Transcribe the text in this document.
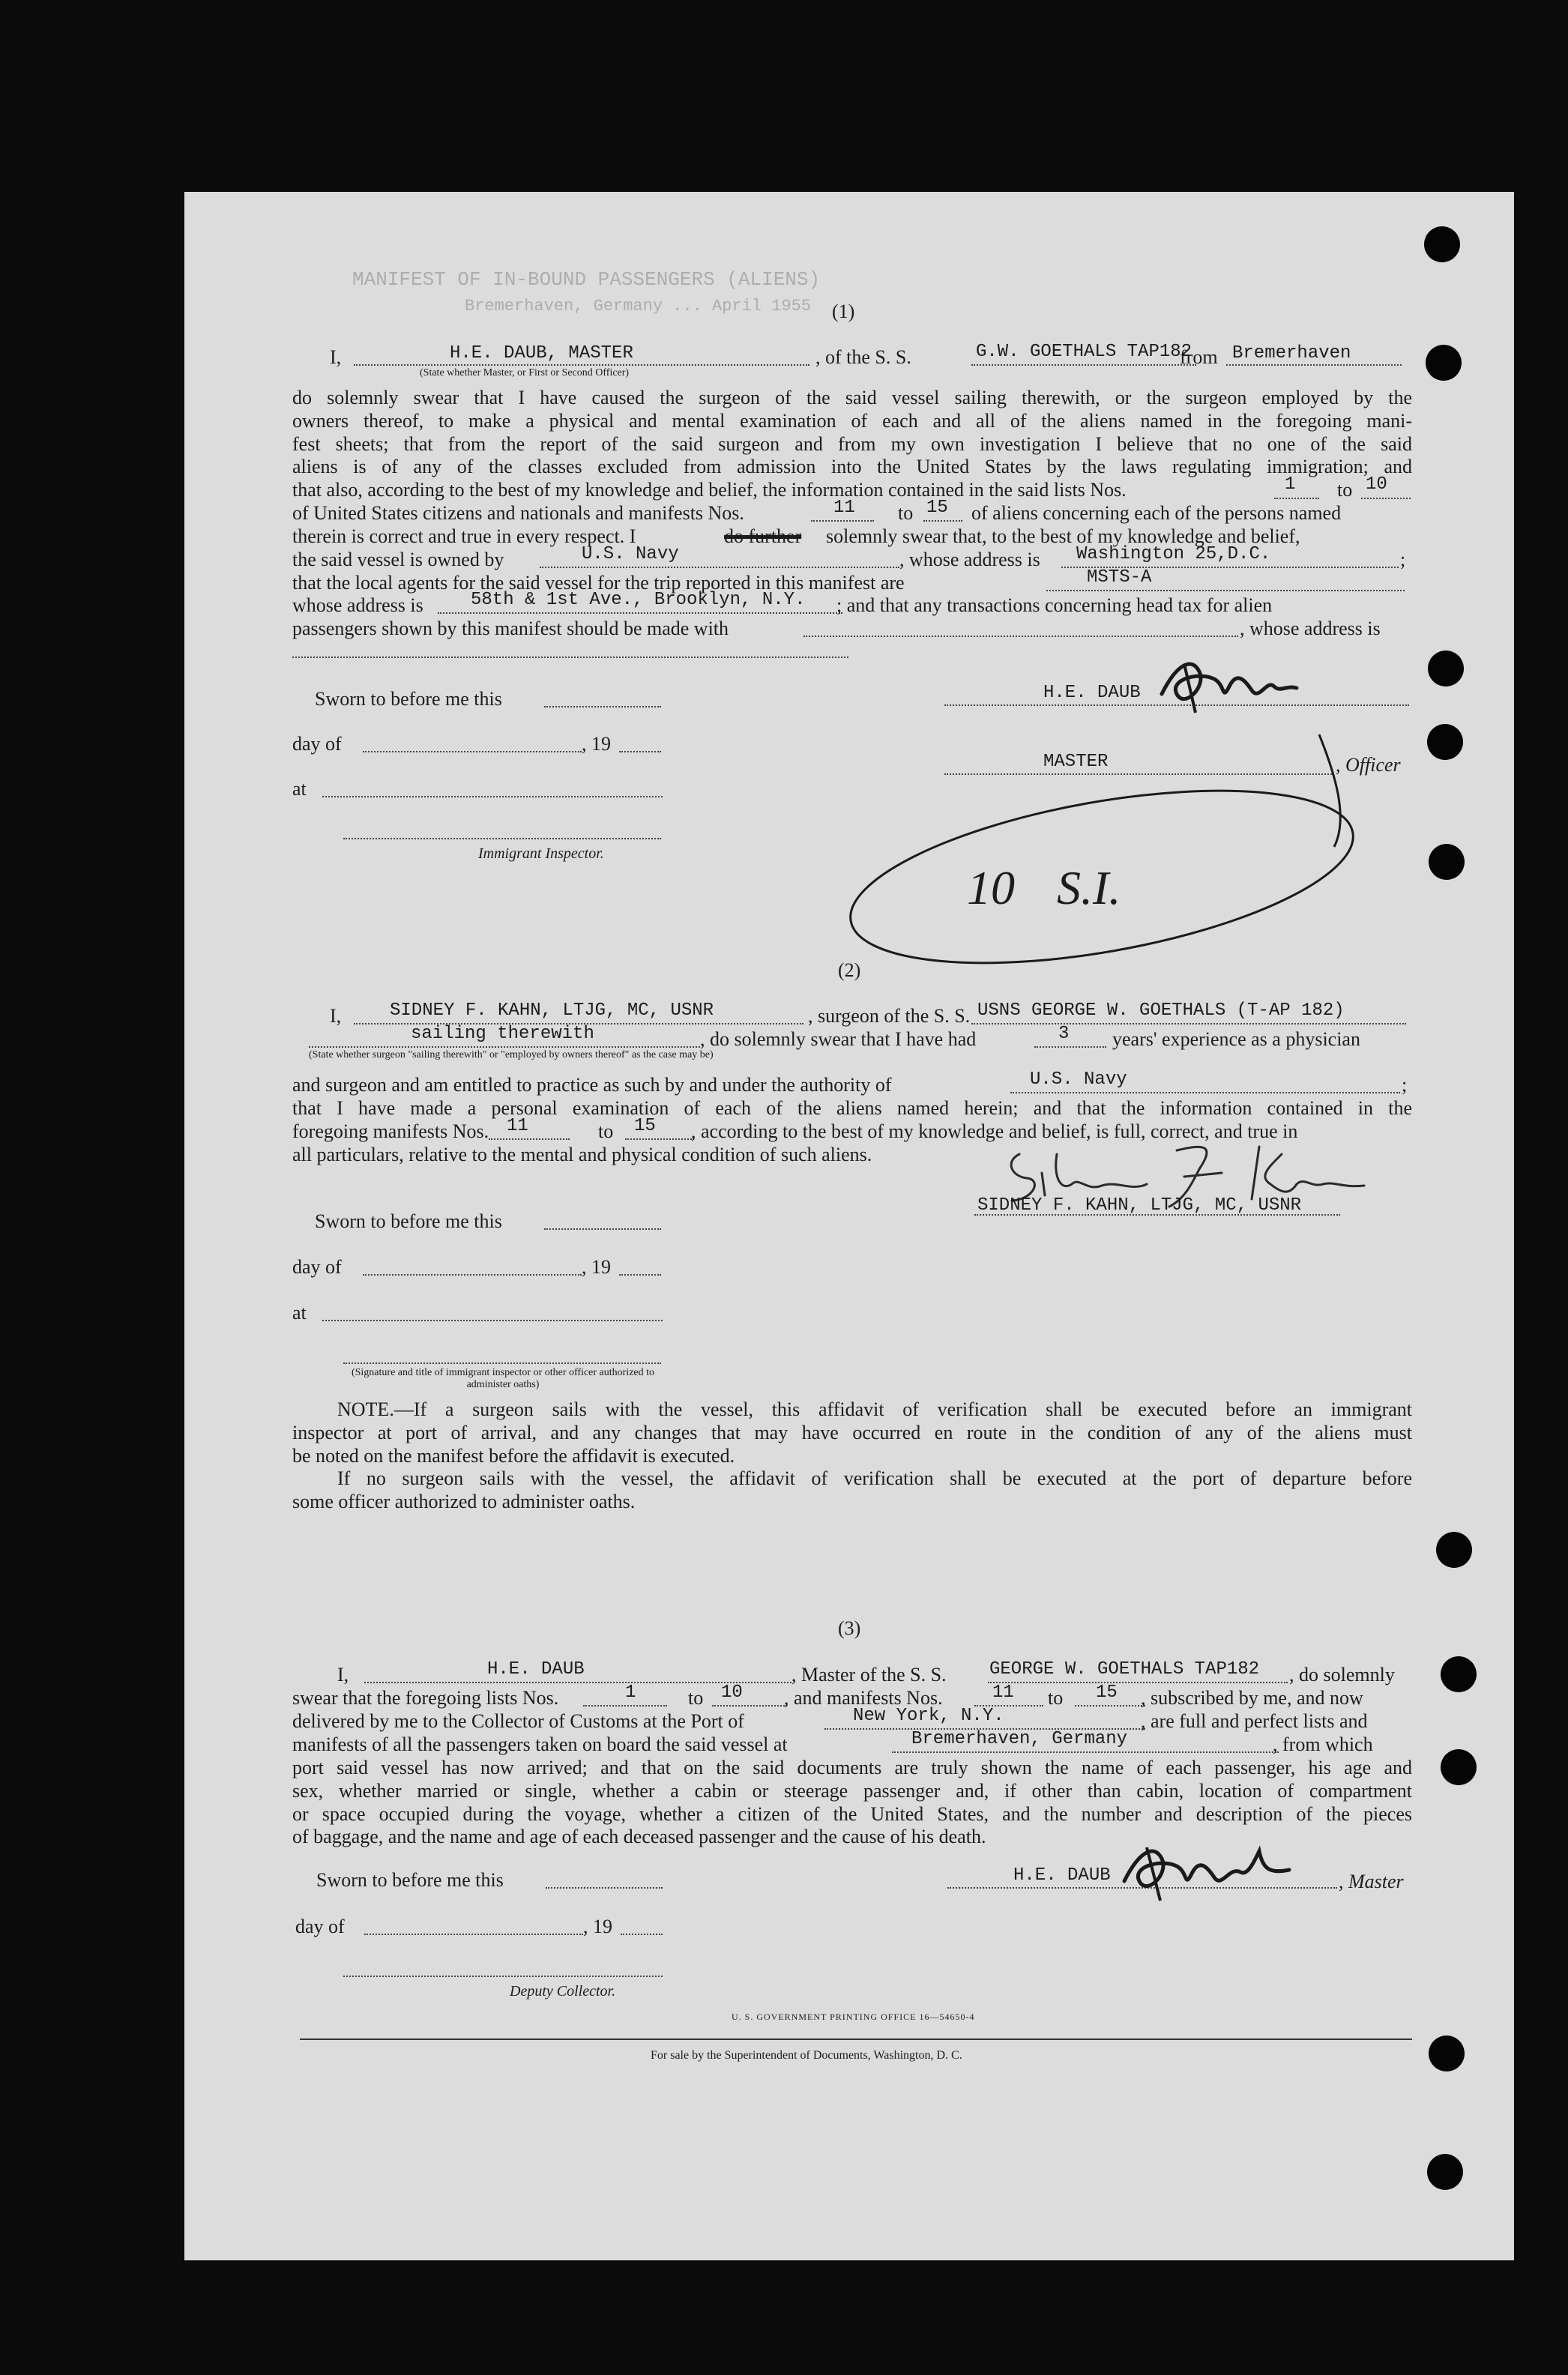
MANIFEST OF IN-BOUND PASSENGERS (ALIENS)
Bremerhaven, Germany ... April 1955 (1)
I,	H.E. DAUB, MASTER
(State whether Master, or First or Second Officer)
, of the S. S.	G.W. GOETHALS TAP182
from Bremerhaven
do solemnly swear that I have caused the surgeon of the said vessel sailing therewith, or the surgeon employed by the
owners thereof, to make a physical and mental examination of each and all of the aliens named in the foregoing mani-
fest sheets; that from the report of the said surgeon and from my own investigation I believe that no one of the said
aliens is of any of the classes excluded from admission into the United States by the laws regulating immigration; and
that also, according to the best of my knowledge and belief, the information contained in the said lists Nos.	1 to 10
of United States citizens and nationals and manifests Nos.	11 to 15 of aliens concerning each of the persons named
therein is correct and true in every respect. I	do further solemnly swear that, to the best of my knowledge and belief,
the said vessel is owned by	U.S. Navy	, whose address is Washington 25,D.C.	;
that the local agents for the said vessel for the trip reported in this manifest are	MSTS-A
whose address is	58th & 1st Ave., Brooklyn, N.Y. ; and that any transactions concerning head tax for alien
passengers shown by this manifest should be made with	, whose address is
Sworn to before me this
day of	, 19
at
Immigrant Inspector.
H.E. DAUB
MASTER	, Officer
10 S.I.
(2)
I,	SIDNEY F. KAHN, LTJG, MC, USNR	, surgeon of the S. S. USNS GEORGE W. GOETHALS (T-AP 182)
sailing therewith	, do solemnly swear that I have had	3 years' experience as a physician
(State whether surgeon "sailing therewith" or "employed by owners thereof" as the case may be)
and surgeon and am entitled to practice as such by and under the authority of	U.S. Navy	;
that I have made a personal examination of each of the aliens named herein; and that the information contained in the
foregoing manifests Nos. 11	to 15 , according to the best of my knowledge and belief, is full, correct, and true in
all particulars, relative to the mental and physical condition of such aliens.
SIDNEY F. KAHN, LTJG, MC, USNR
Sworn to before me this
day of	, 19
at
(Signature and title of immigrant inspector or other officer authorized to administer oaths)
NOTE.—If a surgeon sails with the vessel, this affidavit of verification shall be executed before an immigrant
inspector at port of arrival, and any changes that may have occurred en route in the condition of any of the aliens must
be noted on the manifest before the affidavit is executed.
If no surgeon sails with the vessel, the affidavit of verification shall be executed at the port of departure before
some officer authorized to administer oaths.
(3)
I,	H.E. DAUB	, Master of the S. S. GEORGE W. GOETHALS TAP182 , do solemnly
swear that the foregoing lists Nos.	1	to 10 , and manifests Nos.	11 to 15 , subscribed by me, and now
delivered by me to the Collector of Customs at the Port of	New York, N.Y.	, are full and perfect lists and
manifests of all the passengers taken on board the said vessel at	Bremerhaven, Germany	, from which
port said vessel has now arrived; and that on the said documents are truly shown the name of each passenger, his age and
sex, whether married or single, whether a cabin or steerage passenger and, if other than cabin, location of compartment
or space occupied during the voyage, whether a citizen of the United States, and the number and description of the pieces
of baggage, and the name and age of each deceased passenger and the cause of his death.
Sworn to before me this
day of	, 19
Deputy Collector.
H.E. DAUB	, Master
U. S. GOVERNMENT PRINTING OFFICE 16—54650-4
For sale by the Superintendent of Documents, Washington, D. C.
